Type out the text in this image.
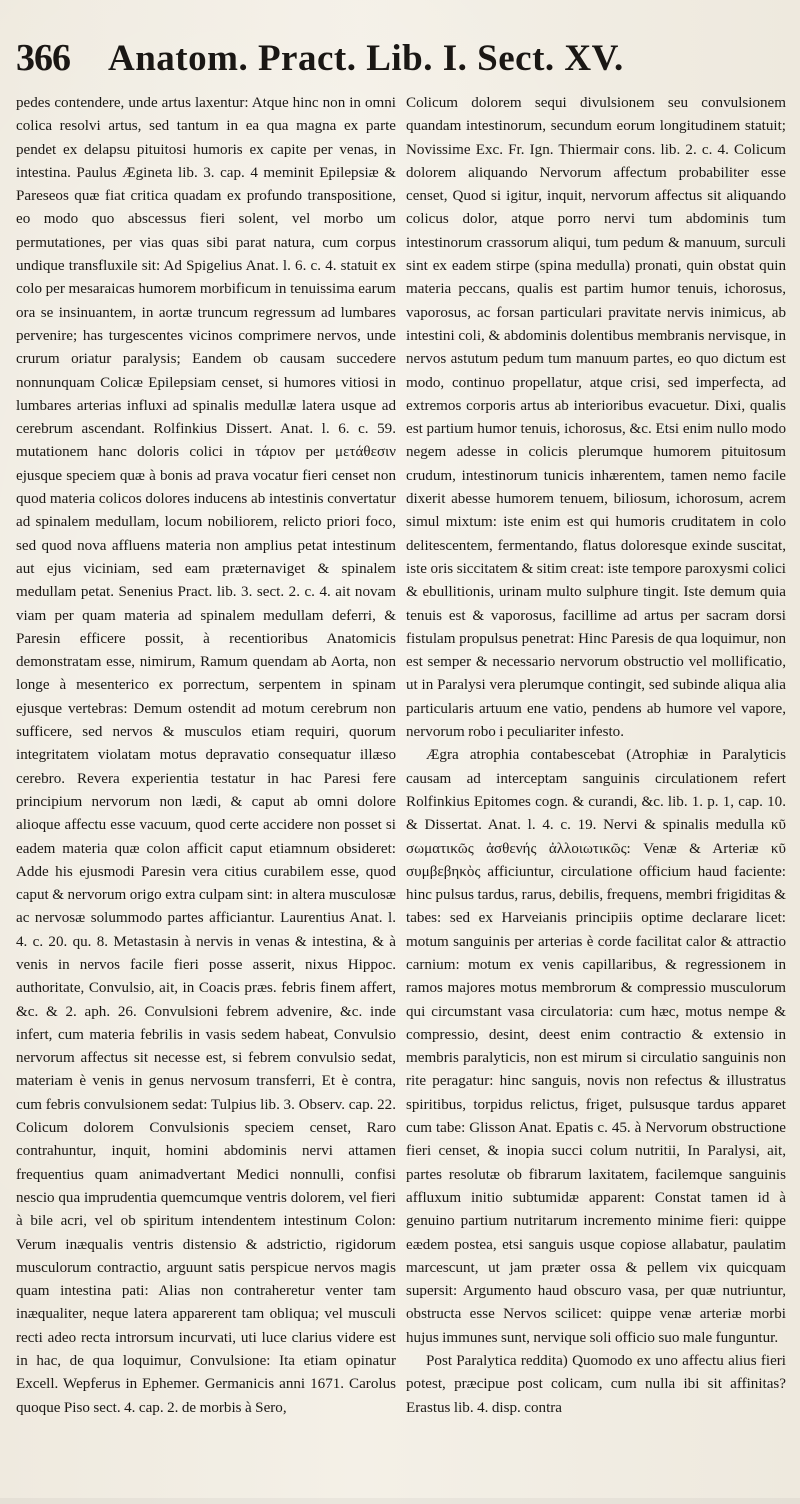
366 Anatom. Pract. Lib. I. Sect. XV.

pedes contendere, unde artus laxentur: Atque hinc non in omni colica resolvi artus, sed tantum in ea qua magna ex parte pendet ex delapsu pituitosi humoris ex capite per venas, in intestina. Paulus Ægineta lib. 3. cap. 4 meminit Epilepsiæ & Pareseos quæ fiat critica quadam ex profundo transpositione, eo modo quo abscessus fieri solent, vel morbo um permutationes, per vias quas sibi parat natura, cum corpus undique transfluxile sit: Ad Spigelius Anat. l. 6. c. 4. statuit ex colo per mesaraicas humorem morbificum in tenuissima earum ora se insinuantem, in aortæ truncum regressum ad lumbares pervenire; has turgescentes vicinos comprimere nervos, unde crurum oriatur paralysis; Eandem ob causam succedere nonnunquam Colicæ Epilepsiam censet, si humores vitiosi in lumbares arterias influxi ad spinalis medullæ latera usque ad cerebrum ascendant. Rolfinkius Dissert. Anat. l. 6. c. 59. mutationem hanc doloris colici in τάριον per μετάθεσιν ejusque speciem quæ à bonis ad prava vocatur fieri censet non quod materia colicos dolores inducens ab intestinis convertatur ad spinalem medullam, locum nobiliorem, relicto priori foco, sed quod nova affluens materia non amplius petat intestinum aut ejus viciniam, sed eam præternaviget & spinalem medullam petat. Senenius Pract. lib. 3. sect. 2. c. 4. ait novam viam per quam materia ad spinalem medullam deferri, & Paresin efficere possit, à recentioribus Anatomicis demonstratam esse, nimirum, Ramum quendam ab Aorta, non longe à mesenterico ex porrectum, serpentem in spinam ejusque vertebras: Demum ostendit ad motum cerebrum non sufficere, sed nervos & musculos etiam requiri, quorum integritatem violatam motus depravatio consequatur illæso cerebro. Revera experientia testatur in hac Paresi fere principium nervorum non lædi, & caput ab omni dolore alioque affectu esse vacuum, quod certe accidere non posset si eadem materia quæ colon afficit caput etiamnum obsideret: Adde his ejusmodi Paresin vera citius curabilem esse, quod caput & nervorum origo extra culpam sint: in altera musculosæ ac nervosæ solummodo partes afficiantur. Laurentius Anat. l. 4. c. 20. qu. 8. Metastasin à nervis in venas & intestina, & à venis in nervos facile fieri posse asserit, nixus Hippoc. authoritate, Convulsio, ait, in Coacis præs. febris finem affert, &c. & 2. aph. 26. Convulsioni febrem advenire, &c. inde infert, cum materia febrilis in vasis sedem habeat, Convulsio nervorum affectus sit necesse est, si febrem convulsio sedat, materiam è venis in genus nervosum transferri, Et è contra, cum febris convulsionem sedat: Tulpius lib. 3. Observ. cap. 22. Colicum dolorem Convulsionis speciem censet, Raro contrahuntur, inquit, homini abdominis nervi attamen frequentius quam animadvertant Medici nonnulli, confisi nescio qua imprudentia quemcumque ventris dolorem, vel fieri à bile acri, vel ob spiritum intendentem intestinum Colon: Verum inæqualis ventris distensio & adstrictio, rigidorum musculorum contractio, arguunt satis perspicue nervos magis quam intestina pati: Alias non contraheretur venter tam inæqualiter, neque latera apparerent tam obliqua; vel musculi recti adeo recta introrsum incurvati, uti luce clarius videre est in hac, de qua loquimur, Convulsione: Ita etiam opinatur Excell. Wepferus in Ephemer. Germanicis anni 1671. Carolus quoque Piso sect. 4. cap. 2. de morbis à Sero,

Colicum dolorem sequi divulsionem seu convulsionem quandam intestinorum, secundum eorum longitudinem statuit; Novissime Exc. Fr. Ign. Thiermair cons. lib. 2. c. 4. Colicum dolorem aliquando Nervorum affectum probabiliter esse censet, Quod si igitur, inquit, nervorum affectus sit aliquando colicus dolor, atque porro nervi tum abdominis tum intestinorum crassorum aliqui, tum pedum & manuum, surculi sint ex eadem stirpe (spina medulla) pronati, quin obstat quin materia peccans, qualis est partim humor tenuis, ichorosus, vaporosus, ac forsan particulari pravitate nervis inimicus, ab intestini coli, & abdominis dolentibus membranis nervisque, in nervos astutum pedum tum manuum partes, eo quo dictum est modo, continuo propellatur, atque crisi, sed imperfecta, ad extremos corporis artus ab interioribus evacuetur. Dixi, qualis est partium humor tenuis, ichorosus, &c. Etsi enim nullo modo negem adesse in colicis plerumque humorem pituitosum crudum, intestinorum tunicis inhærentem, tamen nemo facile dixerit abesse humorem tenuem, biliosum, ichorosum, acrem simul mixtum: iste enim est qui humoris cruditatem in colo delitescentem, fermentando, flatus doloresque exinde suscitat, iste oris siccitatem & sitim creat: iste tempore paroxysmi colici & ebullitionis, urinam multo sulphure tingit. Iste demum quia tenuis est & vaporosus, facillime ad artus per sacram dorsi fistulam propulsus penetrat: Hinc Paresis de qua loquimur, non est semper & necessario nervorum obstructio vel mollificatio, ut in Paralysi vera plerumque contingit, sed subinde aliqua alia particularis artuum ene vatio, pendens ab humore vel vapore, nervorum robo i peculiariter infesto.

Ægra atrophia contabescebat (Atrophiæ in Paralyticis causam ad interceptam sanguinis circulationem refert Rolfinkius Epitomes cogn. & curandi, &c. lib. 1. p. 1, cap. 10. & Dissertat. Anat. l. 4. c. 19. Nervi & spinalis medulla κῦ σωματικῶς ἀσθενής ἀλλοιωτικῶς: Venæ & Arteriæ κῦ συμβεβηκὸς afficiuntur, circulatione officium haud faciente: hinc pulsus tardus, rarus, debilis, frequens, membri frigiditas & tabes: sed ex Harveianis principiis optime declarare licet: motum sanguinis per arterias è corde facilitat calor & attractio carnium: motum ex venis capillaribus, & regressionem in ramos majores motus membrorum & compressio musculorum qui circumstant vasa circulatoria: cum hæc, motus nempe & compressio, desint, deest enim contractio & extensio in membris paralyticis, non est mirum si circulatio sanguinis non rite peragatur: hinc sanguis, novis non refectus & illustratus spiritibus, torpidus relictus, friget, pulsusque tardus apparet cum tabe: Glisson Anat. Epatis c. 45. à Nervorum obstructione fieri censet, & inopia succi colum nutritii, In Paralysi, ait, partes resolutæ ob fibrarum laxitatem, facilemque sanguinis affluxum initio subtumidæ apparent: Constat tamen id à genuino partium nutritarum incremento minime fieri: quippe eædem postea, etsi sanguis usque copiose allabatur, paulatim marcescunt, ut jam præter ossa & pellem vix quicquam supersit: Argumento haud obscuro vasa, per quæ nutriuntur, obstructa esse Nervos scilicet: quippe venæ arteriæ morbi hujus immunes sunt, nervique soli officio suo male funguntur.

Post Paralytica reddita) Quomodo ex uno affectu alius fieri potest, præcipue post colicam, cum nulla ibi sit affinitas? Erastus lib. 4. disp. contra
